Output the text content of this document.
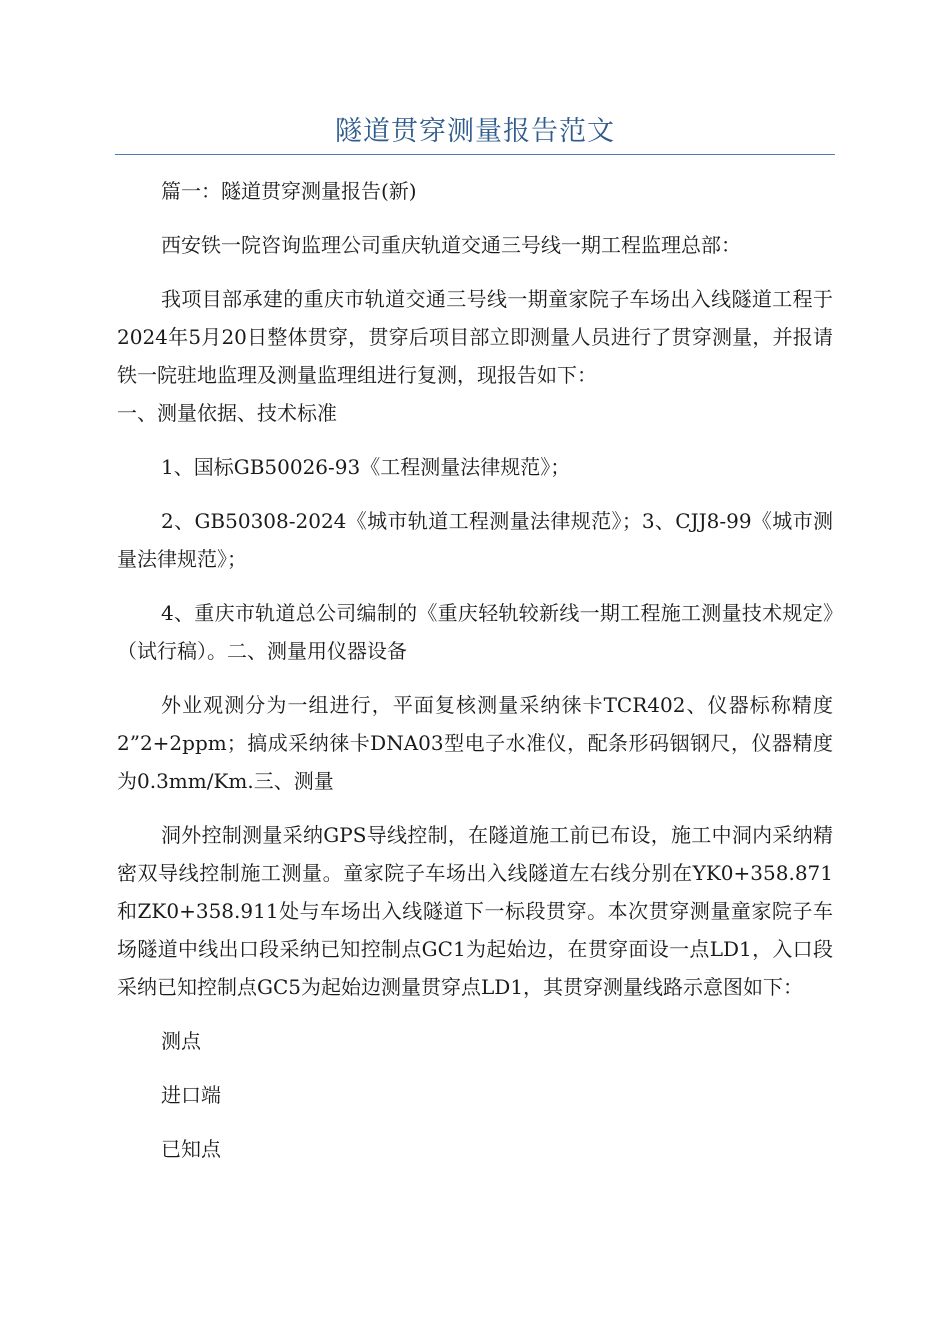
隧道贯穿测量报告范文

篇一：隧道贯穿测量报告(新)

西安铁一院咨询监理公司重庆轨道交通三号线一期工程监理总部：

我项目部承建的重庆市轨道交通三号线一期童家院子车场出入线隧道工程于2024年5月20日整体贯穿，贯穿后项目部立即测量人员进行了贯穿测量，并报请铁一院驻地监理及测量监理组进行复测，现报告如下：

一、测量依据、技术标准

1、国标GB50026-93《工程测量法律规范》；

2、GB50308-2024《城市轨道工程测量法律规范》；3、CJJ8-99《城市测量法律规范》；

4、重庆市轨道总公司编制的《重庆轻轨较新线一期工程施工测量技术规定》（试行稿）。二、测量用仪器设备

外业观测分为一组进行，平面复核测量采纳徕卡TCR402、仪器标称精度2”2+2ppm；搞成采纳徕卡DNA03型电子水准仪，配条形码铟钢尺，仪器精度为0.3mm/Km.三、测量

洞外控制测量采纳GPS导线控制，在隧道施工前已布设，施工中洞内采纳精密双导线控制施工测量。童家院子车场出入线隧道左右线分别在YK0+358.871和ZK0+358.911处与车场出入线隧道下一标段贯穿。本次贯穿测量童家院子车场隧道中线出口段采纳已知控制点GC1为起始边，在贯穿面设一点LD1，入口段采纳已知控制点GC5为起始边测量贯穿点LD1，其贯穿测量线路示意图如下：

测点

进口端

已知点
